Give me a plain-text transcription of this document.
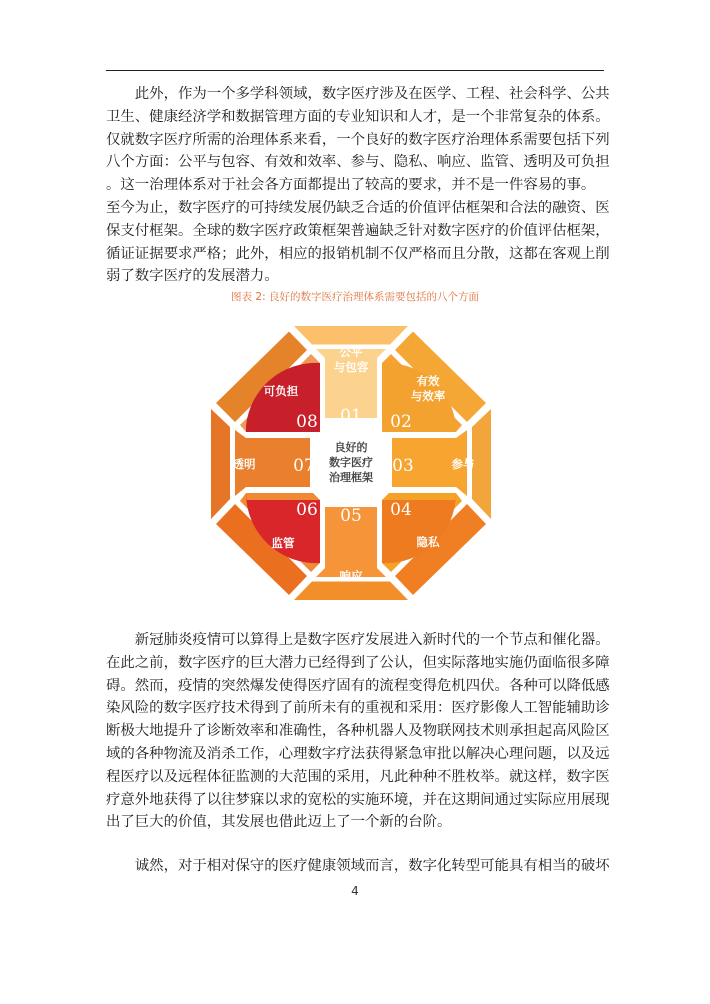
　　此外，作为一个多学科领域，数字医疗涉及在医学、工程、社会科学、公共
卫生、健康经济学和数据管理方面的专业知识和人才，是一个非常复杂的体系。
仅就数字医疗所需的治理体系来看，一个良好的数字医疗治理体系需要包括下列
八个方面：公平与包容、有效和效率、参与、隐私、响应、监管、透明及可负担
。这一治理体系对于社会各方面都提出了较高的要求，并不是一件容易的事。
至今为止，数字医疗的可持续发展仍缺乏合适的价值评估框架和合法的融资、医
保支付框架。全球的数字医疗政策框架普遍缺乏针对数字医疗的价值评估框架，
循证证据要求严格；此外，相应的报销机制不仅严格而且分散，这都在客观上削
弱了数字医疗的发展潜力。
图表 2: 良好的数字医疗治理体系需要包括的八个方面
良好的
数字医疗
治理框架
01 02
03
04
05
06
07
08
公平
与包容
有效
与效率
参与
隐私
响应
监管
透明
可负担
　　新冠肺炎疫情可以算得上是数字医疗发展进入新时代的一个节点和催化器。
在此之前，数字医疗的巨大潜力已经得到了公认，但实际落地实施仍面临很多障
碍。然而，疫情的突然爆发使得医疗固有的流程变得危机四伏。各种可以降低感
染风险的数字医疗技术得到了前所未有的重视和采用：医疗影像人工智能辅助诊
断极大地提升了诊断效率和准确性，各种机器人及物联网技术则承担起高风险区
域的各种物流及消杀工作，心理数字疗法获得紧急审批以解决心理问题，以及远
程医疗以及远程体征监测的大范围的采用，凡此种种不胜枚举。就这样，数字医
疗意外地获得了以往梦寐以求的宽松的实施环境，并在这期间通过实际应用展现
出了巨大的价值，其发展也借此迈上了一个新的台阶。
　　诚然，对于相对保守的医疗健康领域而言，数字化转型可能具有相当的破坏
4
